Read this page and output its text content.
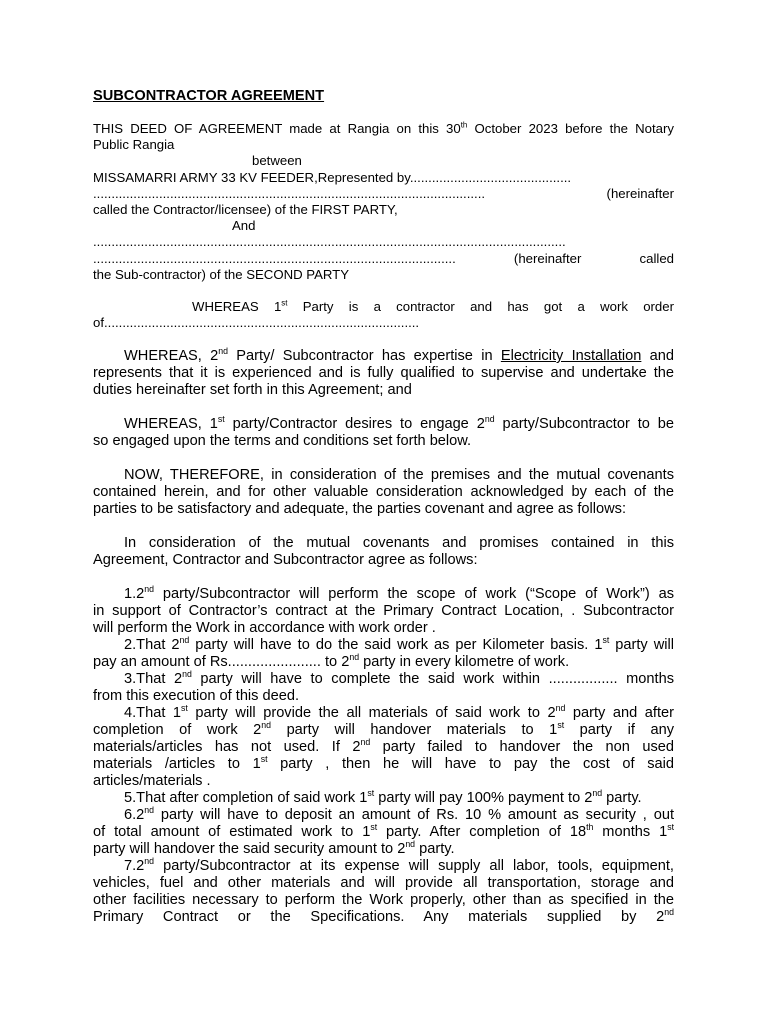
SUBCONTRACTOR AGREEMENT
THIS DEED OF AGREEMENT made at Rangia on this 30th October 2023 before the Notary
Public Rangia
between
MISSAMARRI ARMY 33 KV FEEDER,Represented by............................................
...........................................................................................................	(hereinafter
called the Contractor/licensee) of the FIRST PARTY,
And
.................................................................................................................................
...................................................................................................	(hereinafter called
the Sub-contractor) of the SECOND PARTY
WHEREAS 1st Party is a contractor and has got a work order
of......................................................................................
WHEREAS, 2nd Party/ Subcontractor has expertise in Electricity Installation and
represents that it is experienced and is fully qualified to supervise and undertake the
duties hereinafter set forth in this Agreement; and
WHEREAS, 1st party/Contractor desires to engage 2nd party/Subcontractor to be
so engaged upon the terms and conditions set forth below.
NOW, THEREFORE, in consideration of the premises and the mutual covenants
contained herein, and for other valuable consideration acknowledged by each of the
parties to be satisfactory and adequate, the parties covenant and agree as follows:
In consideration of the mutual covenants and promises contained in this
Agreement, Contractor and Subcontractor agree as follows:
1.2nd party/Subcontractor will perform the scope of work (“Scope of Work”) as
in support of Contractor’s contract at the Primary Contract Location, . Subcontractor
will perform the Work in accordance with work order .
2.That 2nd party will have to do the said work as per Kilometer basis. 1st party will
pay an amount of Rs....................... to 2nd party in every kilometre of work.
3.That 2nd party will have to complete the said work within ................. months
from this execution of this deed.
4.That 1st party will provide the all materials of said work to 2nd party and after
completion of work 2nd party will handover materials to 1st party if any
materials/articles has not used. If 2nd party failed to handover the non used
materials /articles to 1st party , then he will have to pay the cost of said
articles/materials .
5.That after completion of said work 1st party will pay 100% payment to 2nd party.
6.2nd party will have to deposit an amount of Rs. 10 % amount as security , out
of total amount of estimated work to 1st party. After completion of 18th months 1st
party will handover the said security amount to 2nd party.
7.2nd party/Subcontractor at its expense will supply all labor, tools, equipment,
vehicles, fuel and other materials and will provide all transportation, storage and
other facilities necessary to perform the Work properly, other than as specified in the
Primary Contract or the Specifications. Any materials supplied by 2nd
